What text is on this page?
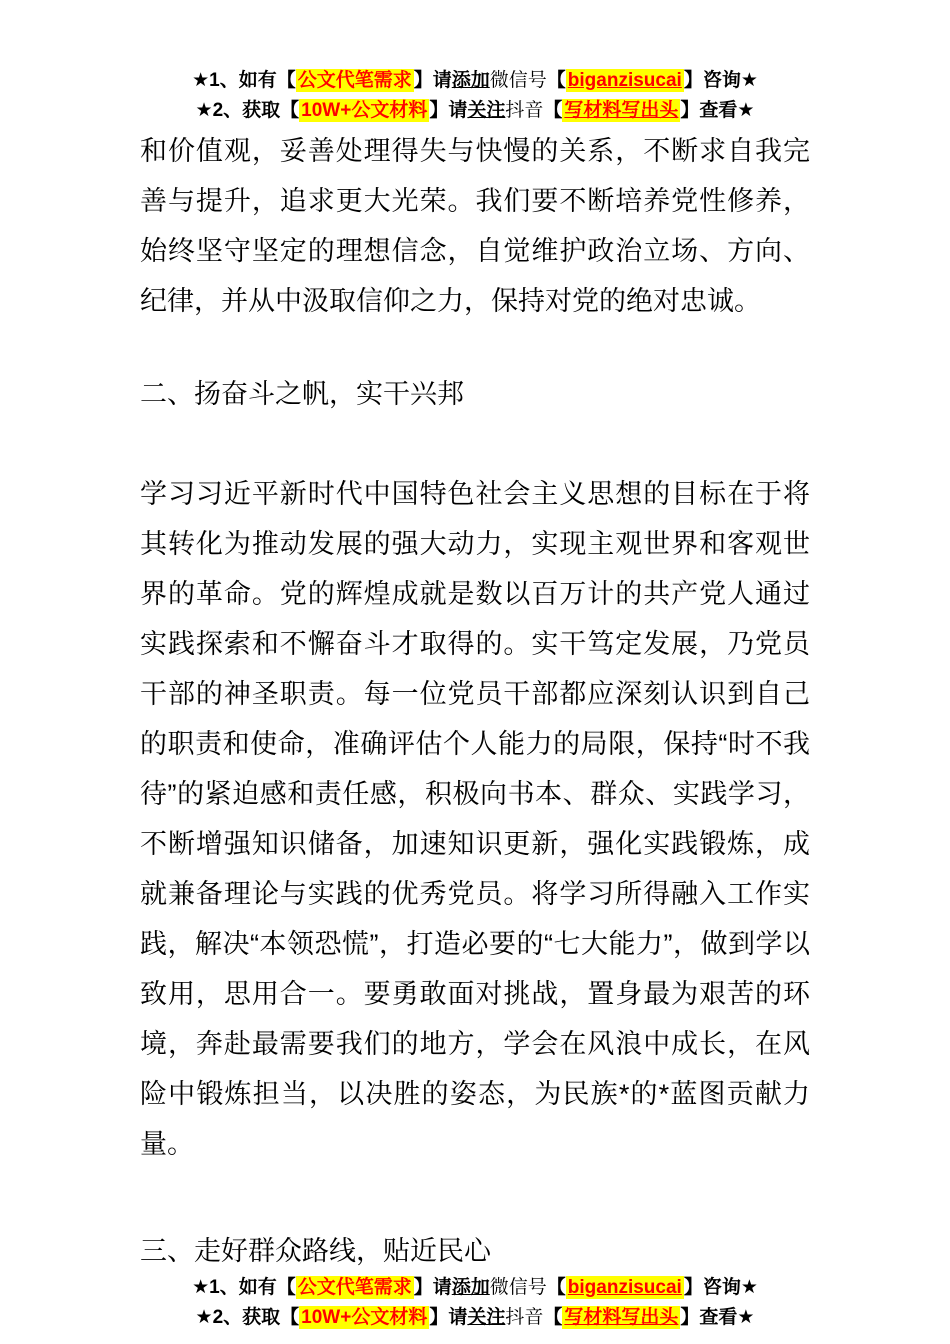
★1、如有【 公文代笔需求 】请添加微信号【 biganzisucai 】咨询★
★2、获取【 10W+公文材料 】请关注抖音【 写材料写出头 】查看★

和价值观，妥善处理得失与快慢的关系，不断求自我完善与提升，追求更大光荣。我们要不断培养党性修养，始终坚守坚定的理想信念，自觉维护政治立场、方向、纪律，并从中汲取信仰之力，保持对党的绝对忠诚。

二、扬奋斗之帆，实干兴邦

学习习近平新时代中国特色社会主义思想的目标在于将其转化为推动发展的强大动力，实现主观世界和客观世界的革命。党的辉煌成就是数以百万计的共产党人通过实践探索和不懈奋斗才取得的。实干笃定发展，乃党员干部的神圣职责。每一位党员干部都应深刻认识到自己的职责和使命，准确评估个人能力的局限，保持“时不我待”的紧迫感和责任感，积极向书本、群众、实践学习，不断增强知识储备，加速知识更新，强化实践锻炼，成就兼备理论与实践的优秀党员。将学习所得融入工作实践，解决“本领恐慌”，打造必要的“七大能力”，做到学以致用，思用合一。要勇敢面对挑战，置身最为艰苦的环境，奔赴最需要我们的地方，学会在风浪中成长，在风险中锻炼担当，以决胜的姿态，为民族*的*蓝图贡献力量。

三、走好群众路线，贴近民心
★1、如有【 公文代笔需求 】请添加微信号【 biganzisucai 】咨询★
★2、获取【 10W+公文材料 】请关注抖音【 写材料写出头 】查看★
